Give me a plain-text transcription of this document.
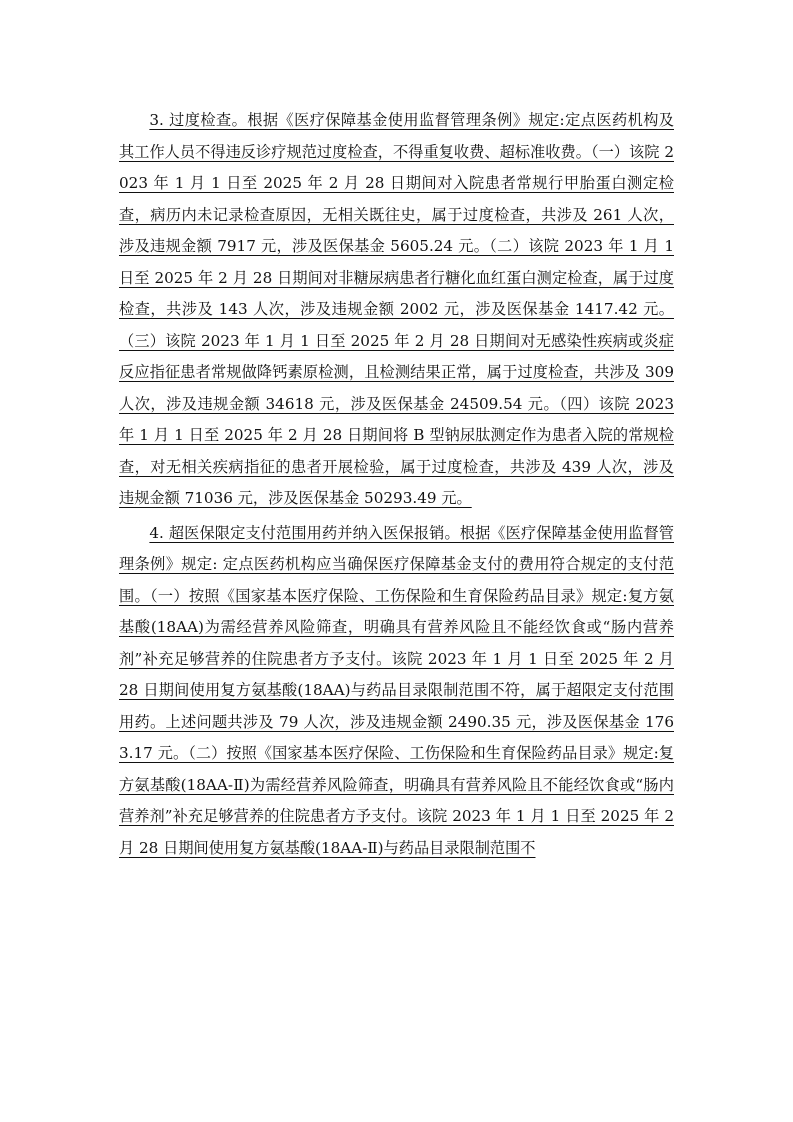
3. 过度检查。根据《医疗保障基金使用监督管理条例》规定:定点医药机构及其工作人员不得违反诊疗规范过度检查，不得重复收费、超标准收费。（一）该院 2023 年 1 月 1 日至 2025 年 2 月 28 日期间对入院患者常规行甲胎蛋白测定检查，病历内未记录检查原因，无相关既往史，属于过度检查，共涉及 261 人次，涉及违规金额 7917 元，涉及医保基金 5605.24 元。（二）该院 2023 年 1 月 1 日至 2025 年 2 月 28 日期间对非糖尿病患者行糖化血红蛋白测定检查，属于过度检查，共涉及 143 人次，涉及违规金额 2002 元，涉及医保基金 1417.42 元。（三）该院 2023 年 1 月 1 日至 2025 年 2 月 28 日期间对无感染性疾病或炎症反应指征患者常规做降钙素原检测，且检测结果正常，属于过度检查，共涉及 309 人次，涉及违规金额 34618 元，涉及医保基金 24509.54 元。（四）该院 2023 年 1 月 1 日至 2025 年 2 月 28 日期间将 B 型钠尿肽测定作为患者入院的常规检查，对无相关疾病指征的患者开展检验，属于过度检查，共涉及 439 人次，涉及违规金额 71036 元，涉及医保基金 50293.49 元。

4. 超医保限定支付范围用药并纳入医保报销。根据《医疗保障基金使用监督管理条例》规定: 定点医药机构应当确保医疗保障基金支付的费用符合规定的支付范围。（一）按照《国家基本医疗保险、工伤保险和生育保险药品目录》规定:复方氨基酸(18AA)为需经营养风险筛查，明确具有营养风险且不能经饮食或“肠内营养剂”补充足够营养的住院患者方予支付。该院 2023 年 1 月 1 日至 2025 年 2 月 28 日期间使用复方氨基酸(18AA)与药品目录限制范围不符，属于超限定支付范围用药。上述问题共涉及 79 人次，涉及违规金额 2490.35 元，涉及医保基金 1763.17 元。（二）按照《国家基本医疗保险、工伤保险和生育保险药品目录》规定:复方氨基酸(18AA-Ⅱ)为需经营养风险筛查，明确具有营养风险且不能经饮食或“肠内营养剂”补充足够营养的住院患者方予支付。该院 2023 年 1 月 1 日至 2025 年 2 月 28 日期间使用复方氨基酸(18AA-Ⅱ)与药品目录限制范围不
